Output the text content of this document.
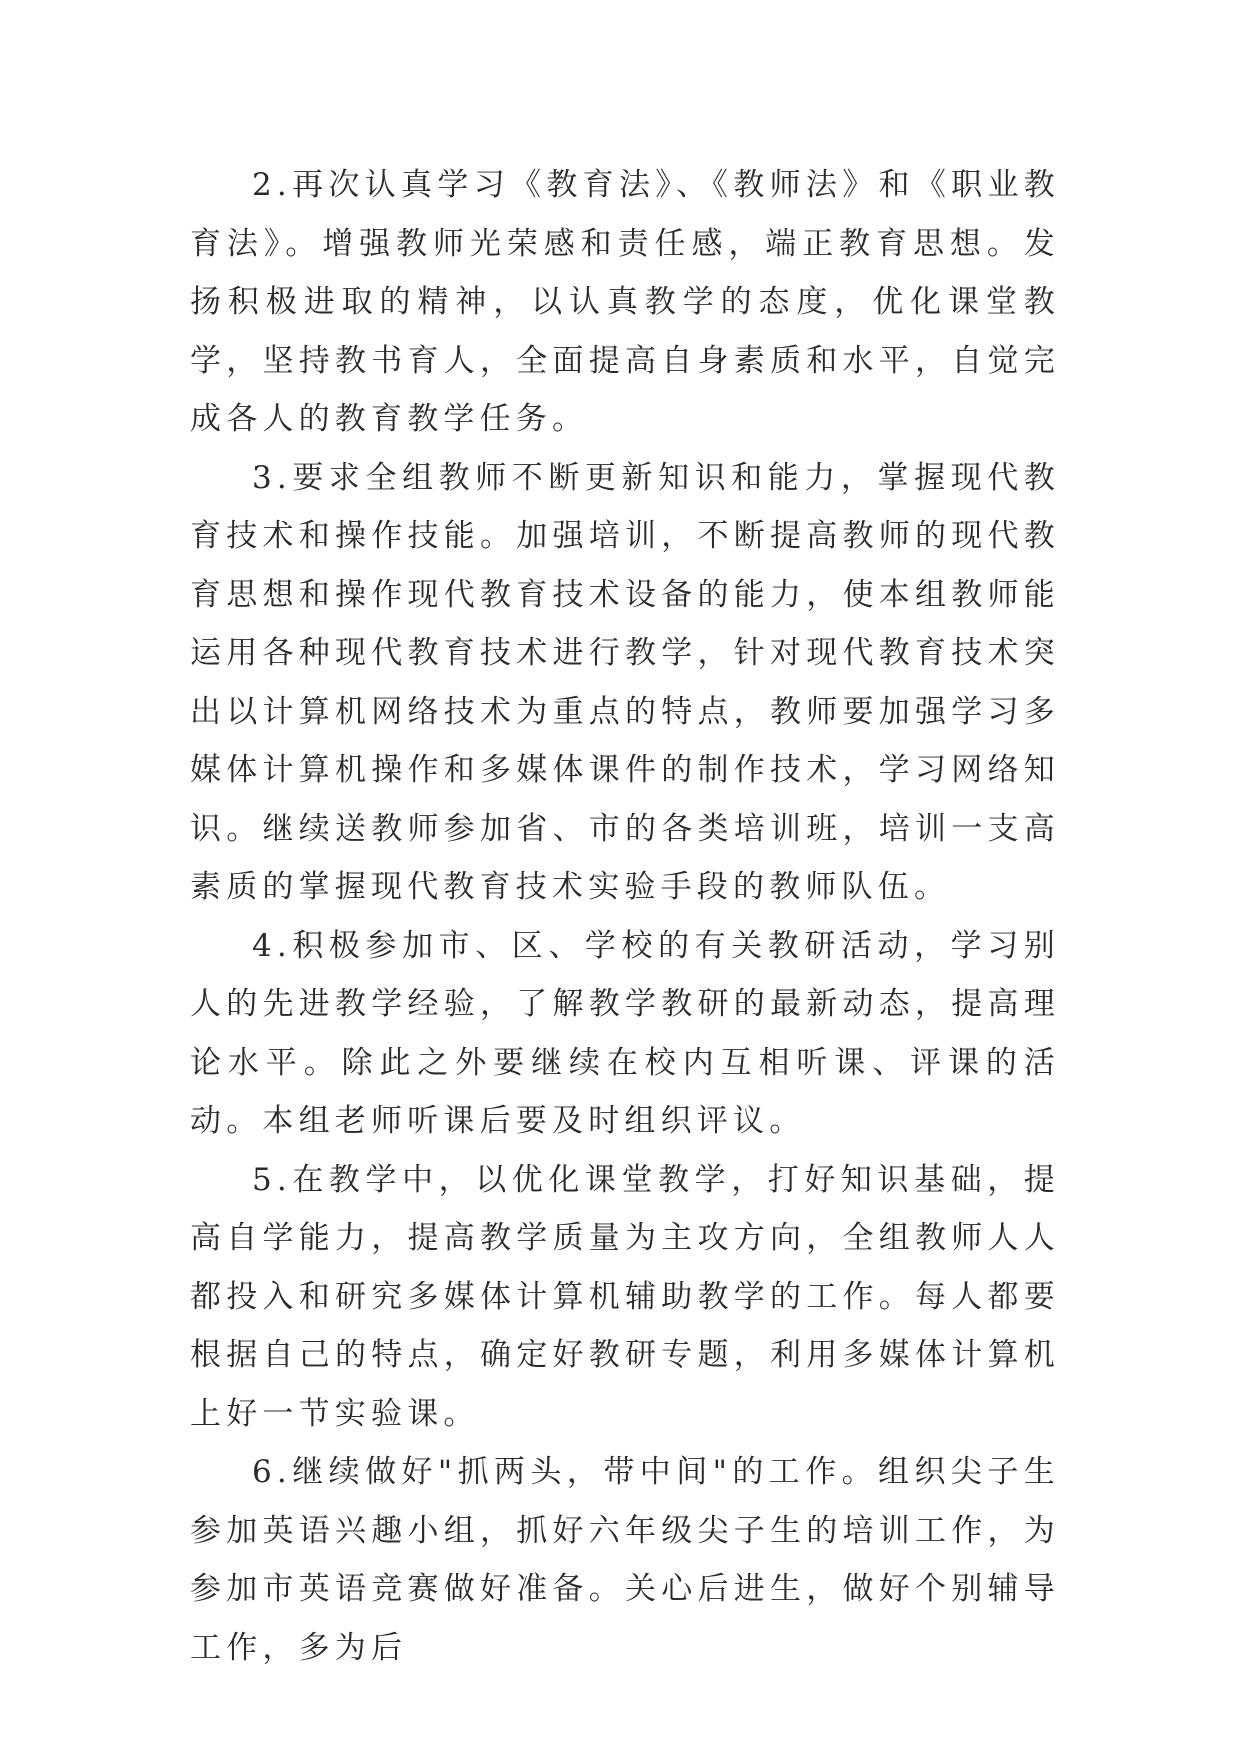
2.再次认真学习《教育法》、《教师法》和《职业教育法》。增强教师光荣感和责任感，端正教育思想。发扬积极进取的精神，以认真教学的态度，优化课堂教学，坚持教书育人，全面提高自身素质和水平，自觉完成各人的教育教学任务。

3.要求全组教师不断更新知识和能力，掌握现代教育技术和操作技能。加强培训，不断提高教师的现代教育思想和操作现代教育技术设备的能力，使本组教师能运用各种现代教育技术进行教学，针对现代教育技术突出以计算机网络技术为重点的特点，教师要加强学习多媒体计算机操作和多媒体课件的制作技术，学习网络知识。继续送教师参加省、市的各类培训班，培训一支高素质的掌握现代教育技术实验手段的教师队伍。

4.积极参加市、区、学校的有关教研活动，学习别人的先进教学经验，了解教学教研的最新动态，提高理论水平。除此之外要继续在校内互相听课、评课的活动。本组老师听课后要及时组织评议。

5.在教学中，以优化课堂教学，打好知识基础，提高自学能力，提高教学质量为主攻方向，全组教师人人都投入和研究多媒体计算机辅助教学的工作。每人都要根据自己的特点，确定好教研专题，利用多媒体计算机上好一节实验课。

6.继续做好"抓两头，带中间"的工作。组织尖子生参加英语兴趣小组，抓好六年级尖子生的培训工作，为参加市英语竞赛做好准备。关心后进生，做好个别辅导工作，多为后
